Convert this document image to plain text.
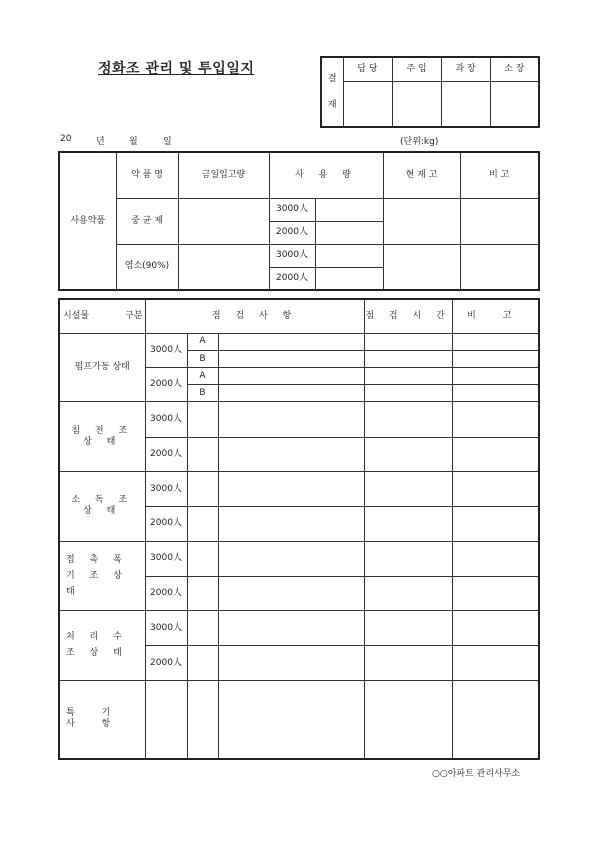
정화조 관리 및 투입일지
결
재	담 당	주 임	과 장	소 장

20	년	월	일	(단위:kg)
사용약품	약 품 명	금일입고량	사 용 량		현 재 고	비 고
	중 균 제		3000人			
			2000人			
	염소(90%)		3000人			
			2000人			
시설물 구분	점 검 사 항			점 검 시 간	비 고
펌프가동 상태	3000人	A			
		B			
	2000人	A			
		B			
침 전 조 상 태	3000人				
	2000人				
소 독 조 상 태	3000人				
	2000人				
접 촉 폭 기 조 상 태	3000人				
	2000人				
처 리 수 조 상 태	3000人				
	2000人				
특 기 사 항					
○○아파트 관리사무소
